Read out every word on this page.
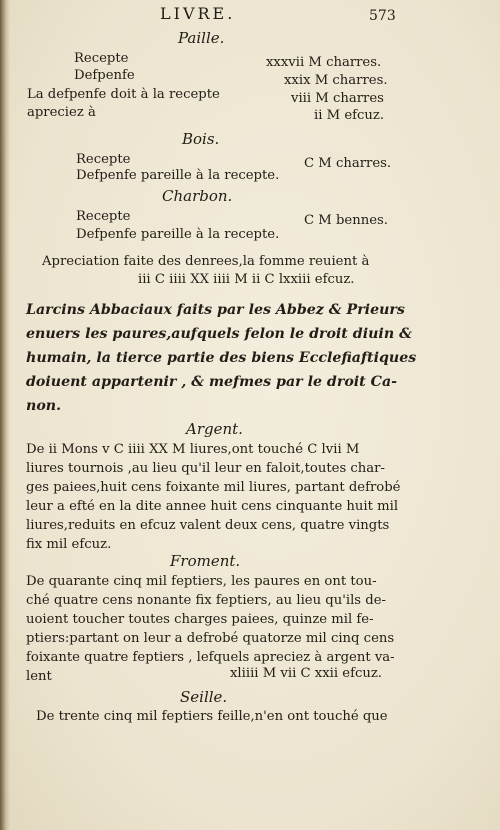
LIVRE.	573
Paille.
Recepte
Defpenfe
La defpenfe doit à la recepte
apreciez à
xxxvii M charres.
xxix M charres.
viii M charres
ii M efcuz.
Bois.
Recepte
Defpenfe pareille à la recepte.
C M charres.
Charbon.
Recepte
Defpenfe pareille à la recepte.
C M bennes.
Apreciation faite des denrees,la fomme reuient à
iii C iiii XX iiii M ii C lxxiii efcuz.
Larcins Abbaciaux faits par les Abbez & Prieurs
enuers les paures,aufquels felon le droit diuin &
humain, la tierce partie des biens Ecclefiaftiques
doiuent appartenir , & mefmes par le droit Ca-
non.
Argent.
De ii Mons v C iiii XX M liures,ont touché C lvii M
liures tournois ,au lieu qu'il leur en faloit,toutes char-
ges paiees,huit cens foixante mil liures, partant defrobé
leur a efté en la dite annee huit cens cinquante huit mil
liures,reduits en efcuz valent deux cens, quatre vingts
fix mil efcuz.
Froment.
De quarante cinq mil feptiers, les paures en ont tou-
ché quatre cens nonante fix feptiers, au lieu qu'ils de-
uoient toucher toutes charges paiees, quinze mil fe-
ptiers:partant on leur a defrobé quatorze mil cinq cens
foixante quatre feptiers , lefquels apreciez à argent va-
lent	xliiii M vii C xxii efcuz.
Seille.
De trente cinq mil feptiers feille,n'en ont touché que
